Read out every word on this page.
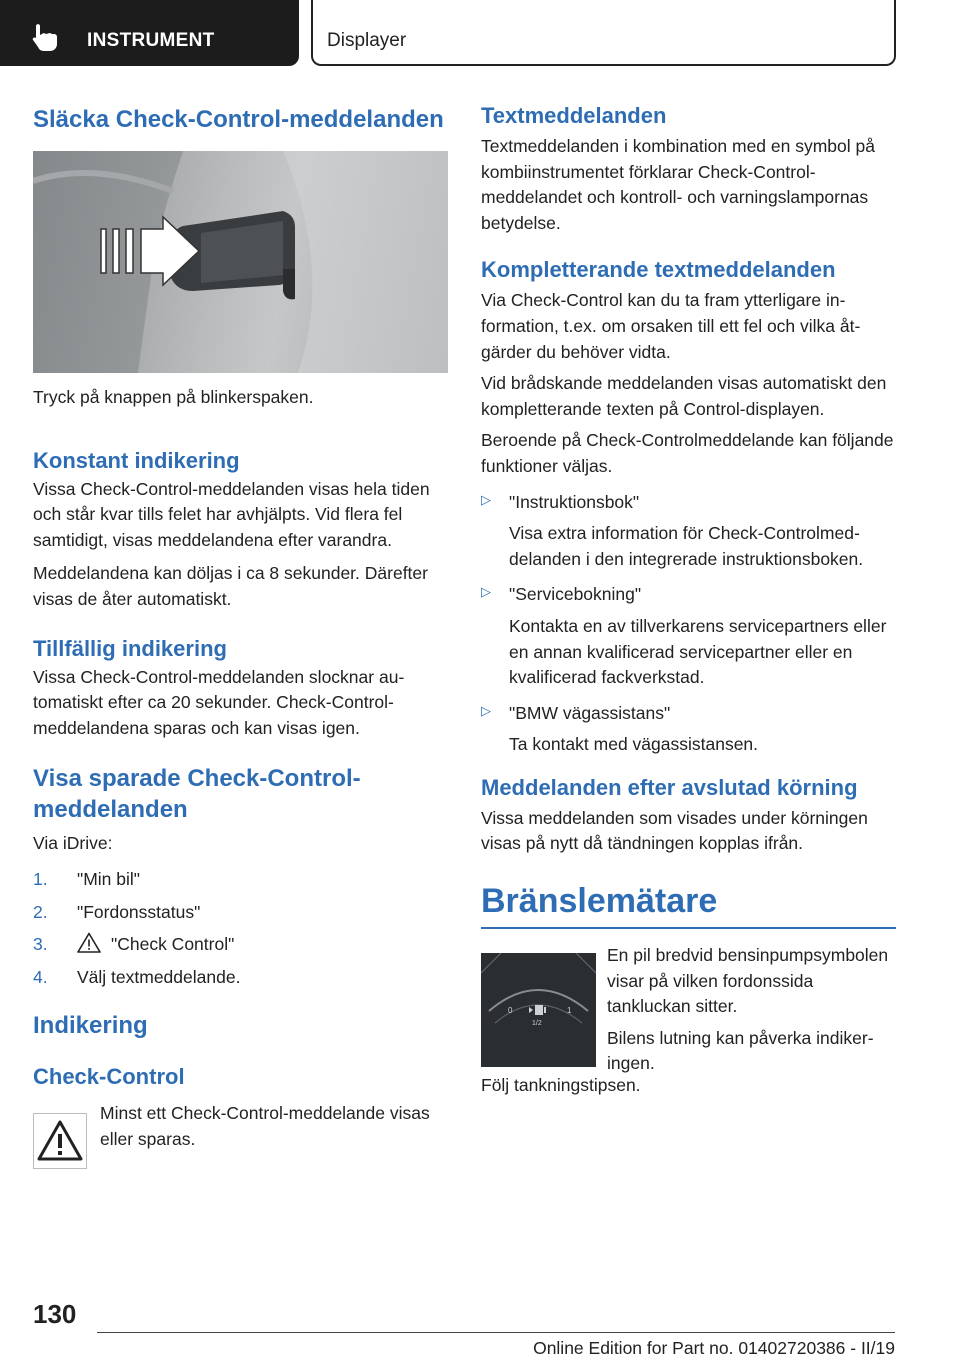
INSTRUMENT	Displayer
Släcka Check-Control-meddelanden

Tryck på knappen på blinkerspaken.

Konstant indikering

Vissa Check-Control-meddelanden visas hela tiden och står kvar tills felet har avhjälpts. Vid flera fel samtidigt, visas meddelandena efter varandra.

Meddelandena kan döljas i ca 8 sekunder. Därefter visas de åter automatiskt.

Tillfällig indikering

Vissa Check-Control-meddelanden slocknar automatiskt efter ca 20 sekunder. Check-Control-meddelandena sparas och kan visas igen.

Visa sparade Check-Control-meddelanden

Via iDrive:

1. "Min bil"
2. "Fordonsstatus"
3.	"Check Control"
4. Välj textmeddelande.
Indikering
Check-Control

Minst ett Check-Control-meddelande visas eller sparas.

Textmeddelanden

Textmeddelanden i kombination med en symbol på kombiinstrumentet förklarar Check-Control-meddelandet och kontroll- och varningslampornas betydelse.

Kompletterande textmeddelanden

Via Check-Control kan du ta fram ytterligare information, t.ex. om orsaken till ett fel och vilka åtgärder du behöver vidta.

Vid brådskande meddelanden visas automatiskt den kompletterande texten på Control-displayen.

Beroende på Check-Controlmeddelande kan följande funktioner väljas.

▷ "Instruktionsbok"

Visa extra information för Check-Controlmeddelanden i den integrerade instruktionsboken.

▷ "Servicebokning"

Kontakta en av tillverkarens servicepartners eller en annan kvalificerad servicepartner eller en kvalificerad fackverkstad.

▷ "BMW vägassistans"

Ta kontakt med vägassistansen.

Meddelanden efter avslutad körning

Vissa meddelanden som visades under körningen visas på nytt då tändningen kopplas ifrån.

Bränslemätare
0	1
1/2

En pil bredvid bensinpumpsymbolen visar på vilken fordonssida tankluckan sitter.

Bilens lutning kan påverka indikeringen.

Följ tankningstipsen.

130
Online Edition for Part no. 01402720386 - II/19
